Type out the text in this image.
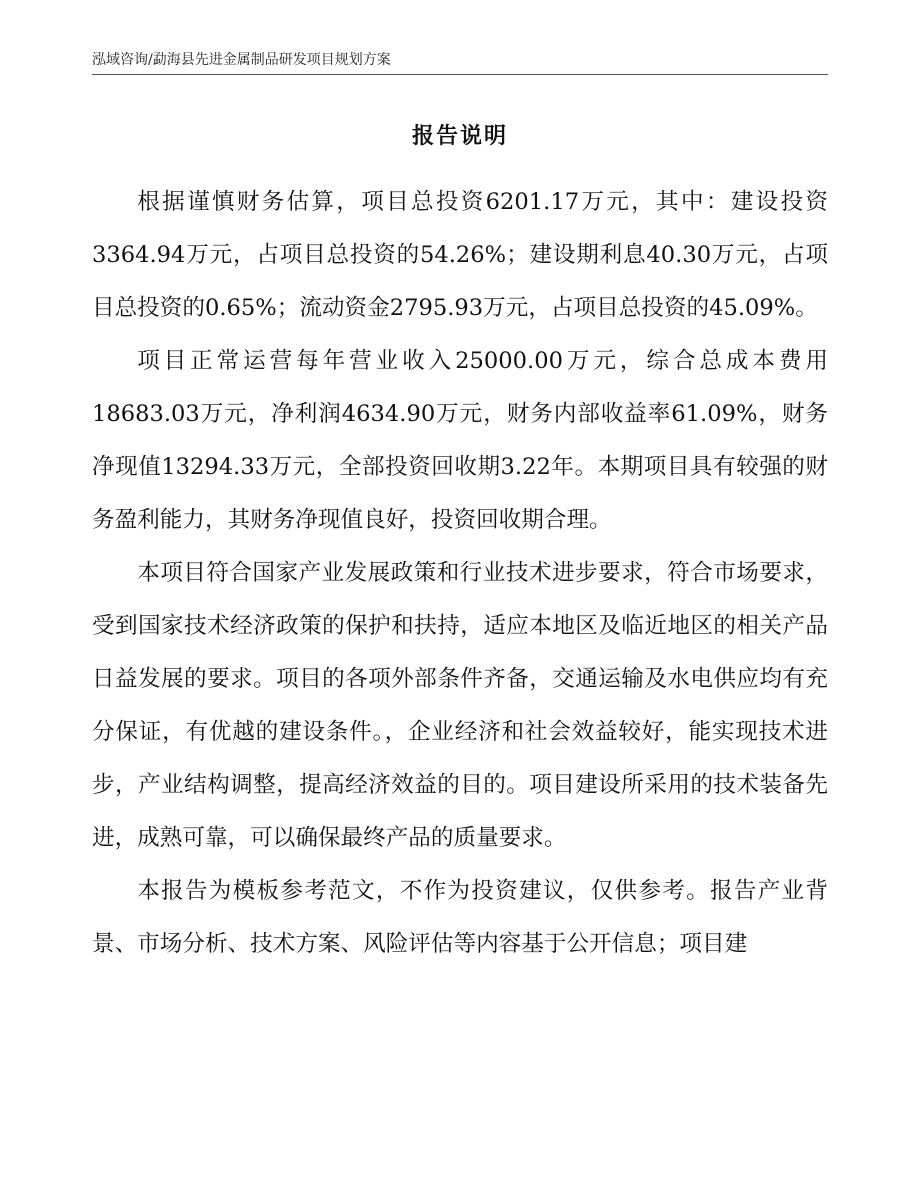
泓域咨询/勐海县先进金属制品研发项目规划方案
报告说明

根据谨慎财务估算，项目总投资6201.17万元，其中：建设投资3364.94万元，占项目总投资的54.26%；建设期利息40.30万元，占项目总投资的0.65%；流动资金2795.93万元，占项目总投资的45.09%。

项目正常运营每年营业收入25000.00万元，综合总成本费用18683.03万元，净利润4634.90万元，财务内部收益率61.09%，财务净现值13294.33万元，全部投资回收期3.22年。本期项目具有较强的财务盈利能力，其财务净现值良好，投资回收期合理。

本项目符合国家产业发展政策和行业技术进步要求，符合市场要求，受到国家技术经济政策的保护和扶持，适应本地区及临近地区的相关产品日益发展的要求。项目的各项外部条件齐备，交通运输及水电供应均有充分保证，有优越的建设条件。，企业经济和社会效益较好，能实现技术进步，产业结构调整，提高经济效益的目的。项目建设所采用的技术装备先进，成熟可靠，可以确保最终产品的质量要求。

本报告为模板参考范文，不作为投资建议，仅供参考。报告产业背景、市场分析、技术方案、风险评估等内容基于公开信息；项目建
